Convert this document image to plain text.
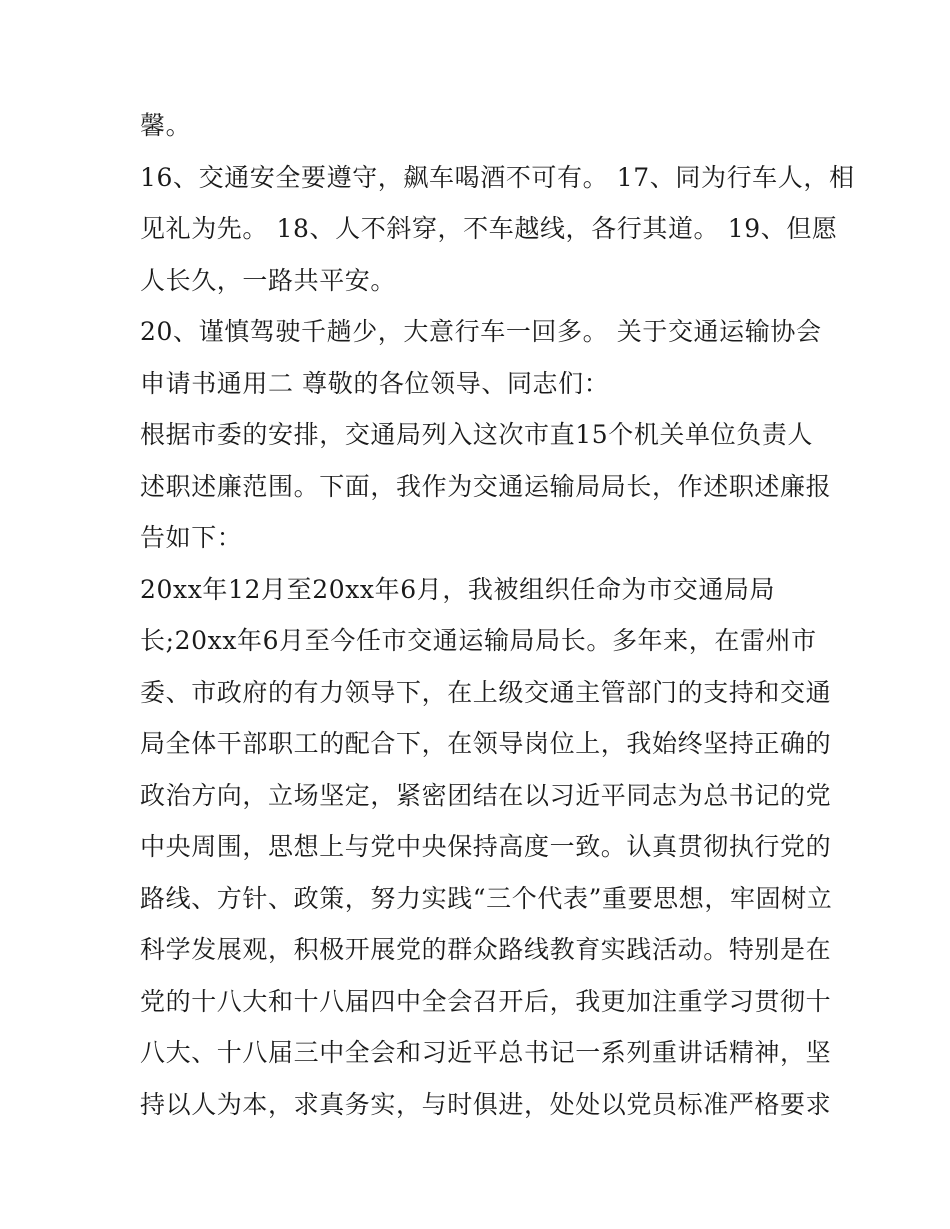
馨。
16、交通安全要遵守，飙车喝酒不可有。 17、同为行车人，相
见礼为先。 18、人不斜穿，不车越线，各行其道。 19、但愿
人长久，一路共平安。
20、谨慎驾驶千趟少，大意行车一回多。 关于交通运输协会
申请书通用二 尊敬的各位领导、同志们：
根据市委的安排，交通局列入这次市直15个机关单位负责人
述职述廉范围。下面，我作为交通运输局局长，作述职述廉报
告如下：
20xx年12月至20xx年6月，我被组织任命为市交通局局
长;20xx年6月至今任市交通运输局局长。多年来，在雷州市
委、市政府的有力领导下，在上级交通主管部门的支持和交通
局全体干部职工的配合下，在领导岗位上，我始终坚持正确的
政治方向，立场坚定，紧密团结在以习近平同志为总书记的党
中央周围，思想上与党中央保持高度一致。认真贯彻执行党的
路线、方针、政策，努力实践“三个代表”重要思想，牢固树立
科学发展观，积极开展党的群众路线教育实践活动。特别是在
党的十八大和十八届四中全会召开后，我更加注重学习贯彻十
八大、十八届三中全会和习近平总书记一系列重讲话精神，坚
持以人为本，求真务实，与时俱进，处处以党员标准严格要求
